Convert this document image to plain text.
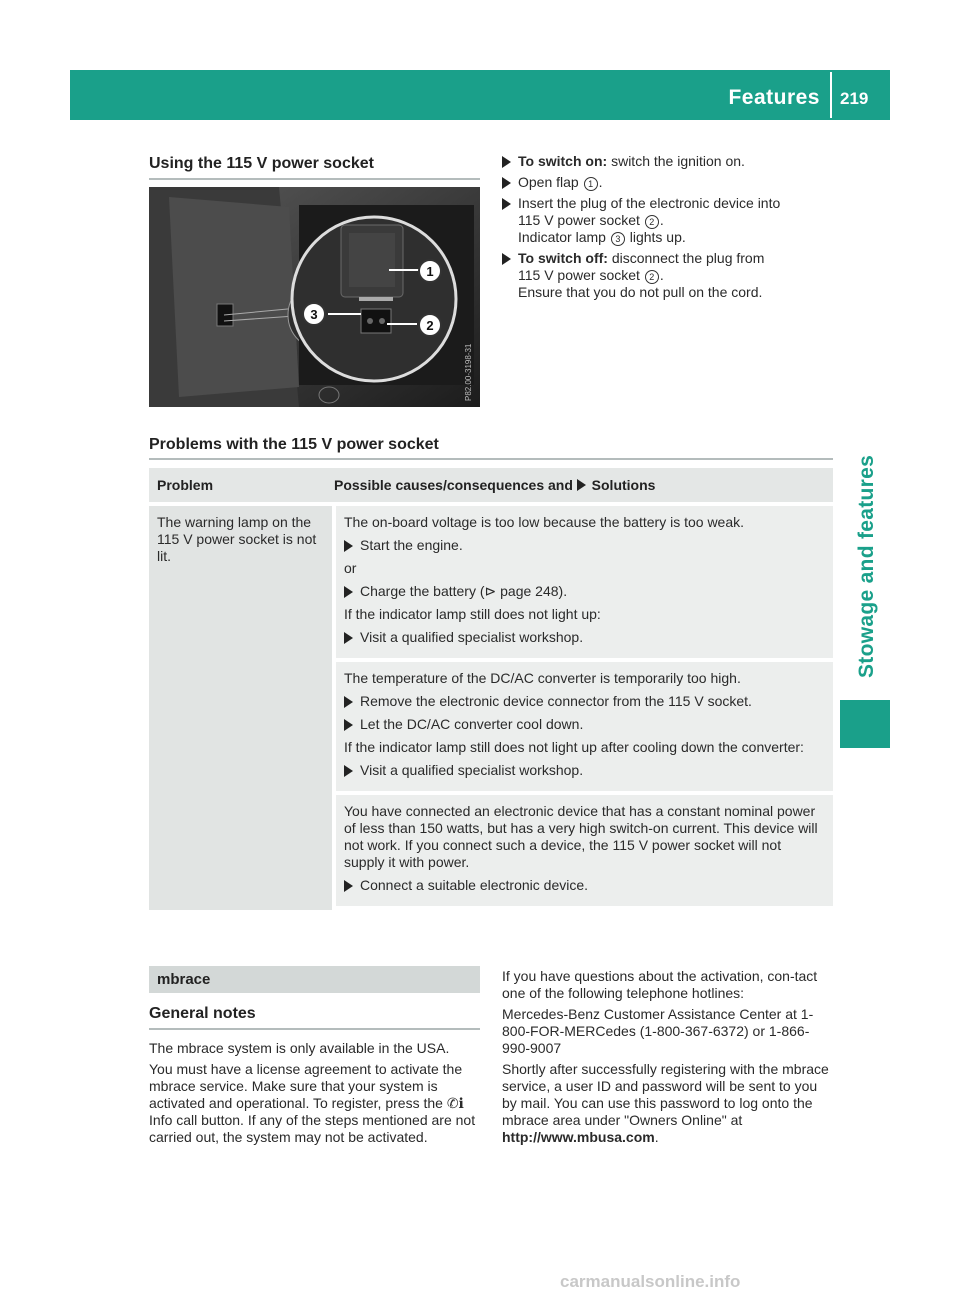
Features 219
Stowage and features
Using the 115 V power socket
1
2
3
P82.00-3198-31
To switch on: switch the ignition on.
Open flap 1 .
Insert the plug of the electronic device into
115 V power socket 2 .
Indicator lamp 3 lights up.
To switch off: disconnect the plug from
115 V power socket 2 .
Ensure that you do not pull on the cord.
Problems with the 115 V power socket
Problem	Possible causes/consequences and  Solutions
The warning lamp on the 115 V power socket is not lit.
The on-board voltage is too low because the battery is too weak.
Start the engine.
or
Charge the battery (⊳ page 248).
If the indicator lamp still does not light up:
Visit a qualified specialist workshop.
The temperature of the DC/AC converter is temporarily too high.
Remove the electronic device connector from the 115 V socket.
Let the DC/AC converter cool down.
If the indicator lamp still does not light up after cooling down the converter:
Visit a qualified specialist workshop.
You have connected an electronic device that has a constant nominal power of less than 150 watts, but has a very high switch-on current. This device will not work. If you connect such a device, the 115 V power socket will not supply it with power.
Connect a suitable electronic device.
mbrace
General notes
The mbrace system is only available in the USA.
You must have a license agreement to activate the mbrace service. Make sure that your system is activated and operational. To register, press the ✆ℹ Info call button. If any of the steps mentioned are not carried out, the system may not be activated.
If you have questions about the activation, con-tact one of the following telephone hotlines:
Mercedes-Benz Customer Assistance Center at 1-800-FOR-MERCedes (1-800-367-6372) or 1-866-990-9007
Shortly after successfully registering with the mbrace service, a user ID and password will be sent to you by mail. You can use this password to log onto the mbrace area under "Owners Online" at http://www.mbusa.com.
carmanualsonline.info
